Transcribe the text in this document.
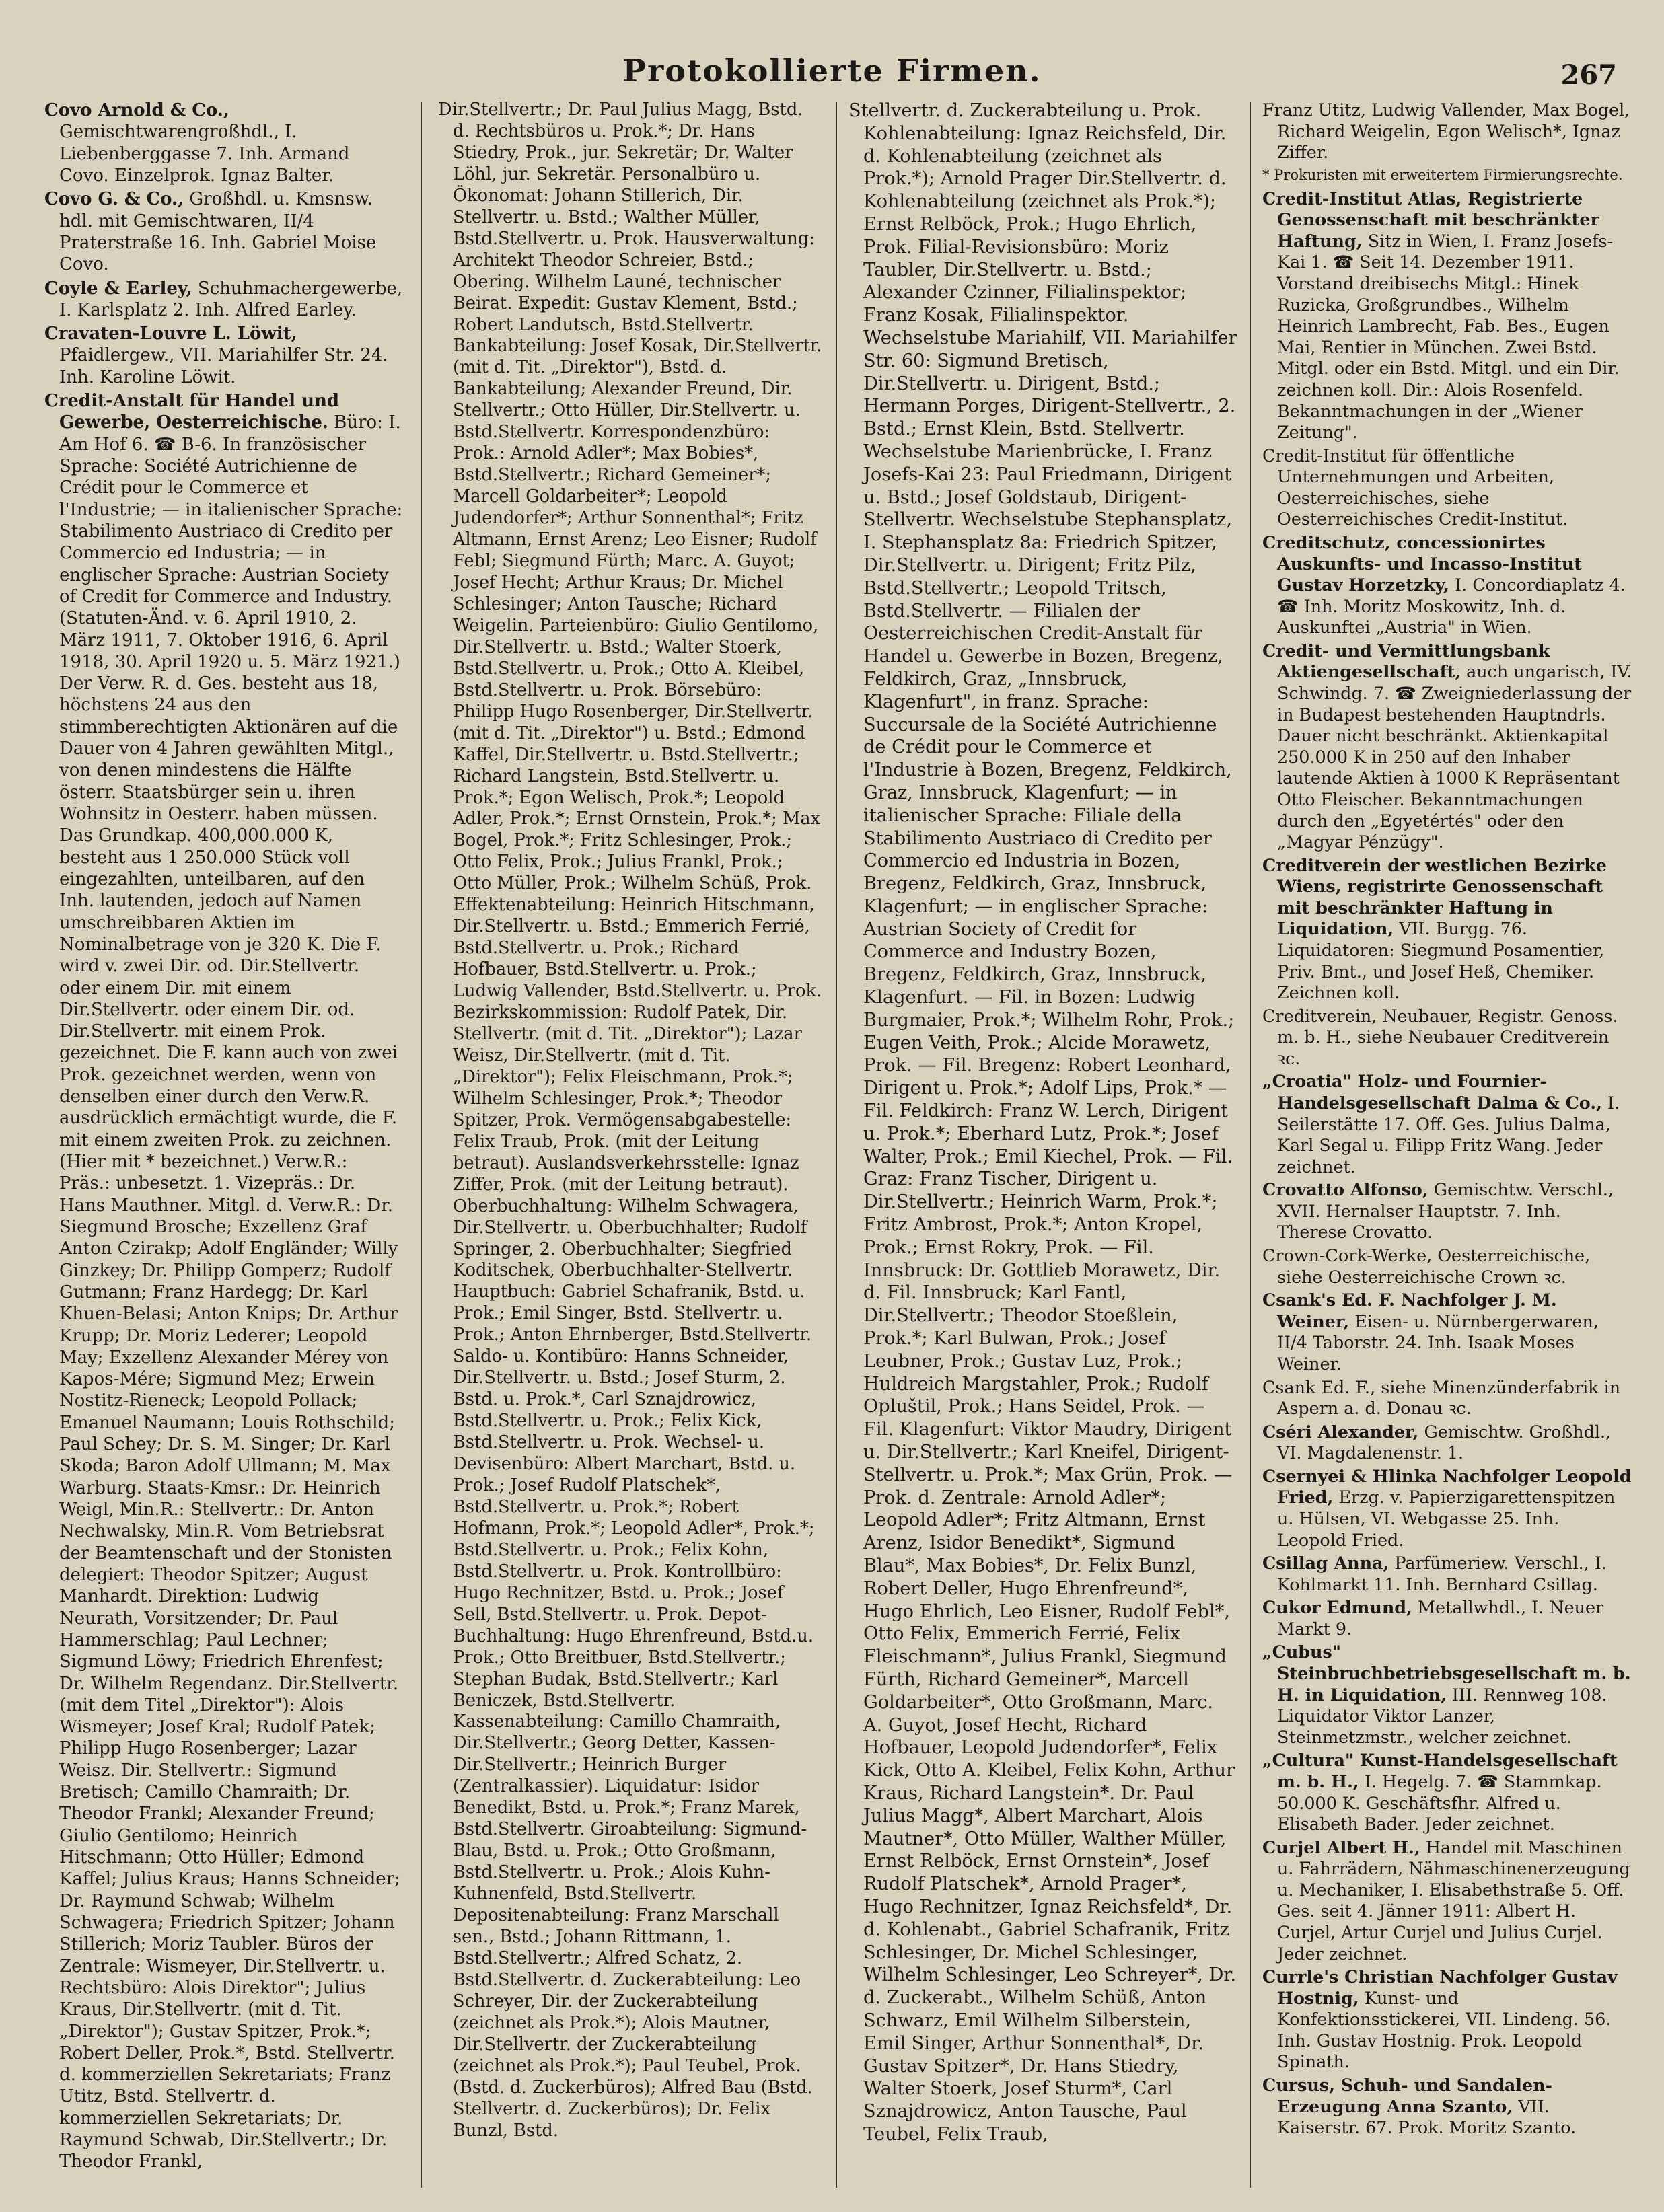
Protokollierte Firmen.	267

Covo Arnold & Co., Gemischtwarengroßhdl., I. Liebenberggasse 7. Inh. Armand Covo. Einzelprok. Ignaz Balter.

Covo G. & Co., Großhdl. u. Kmsnsw. hdl. mit Gemischtwaren, II/4 Praterstraße 16. Inh. Gabriel Moise Covo.

Coyle & Earley, Schuhmachergewerbe, I. Karlsplatz 2. Inh. Alfred Earley.

Cravaten-Louvre L. Löwit, Pfaidlergew., VII. Mariahilfer Str. 24. Inh. Karoline Löwit.

Credit-Anstalt für Handel und Gewerbe, Oesterreichische. Büro: I. Am Hof 6. ☎ B-6. In französischer Sprache: Société Autrichienne de Crédit pour le Commerce et l'Industrie; — in italienischer Sprache: Stabilimento Austriaco di Credito per Commercio ed Industria; — in englischer Sprache: Austrian Society of Credit for Commerce and Industry. (Statuten-Änd. v. 6. April 1910, 2. März 1911, 7. Oktober 1916, 6. April 1918, 30. April 1920 u. 5. März 1921.) Der Verw. R. d. Ges. besteht aus 18, höchstens 24 aus den stimmberechtigten Aktionären auf die Dauer von 4 Jahren gewählten Mitgl., von denen mindestens die Hälfte österr. Staatsbürger sein u. ihren Wohnsitz in Oesterr. haben müssen. Das Grundkap. 400,000.000 K, besteht aus 1 250.000 Stück voll eingezahlten, unteilbaren, auf den Inh. lautenden, jedoch auf Namen umschreibbaren Aktien im Nominalbetrage von je 320 K. Die F. wird v. zwei Dir. od. Dir.Stellvertr. oder einem Dir. mit einem Dir.Stellvertr. oder einem Dir. od. Dir.Stellvertr. mit einem Prok. gezeichnet. Die F. kann auch von zwei Prok. gezeichnet werden, wenn von denselben einer durch den Verw.R. ausdrücklich ermächtigt wurde, die F. mit einem zweiten Prok. zu zeichnen. (Hier mit * bezeichnet.) Verw.R.: Präs.: unbesetzt. 1. Vizepräs.: Dr. Hans Mauthner. Mitgl. d. Verw.R.: Dr. Siegmund Brosche; Exzellenz Graf Anton Czirakp; Adolf Engländer; Willy Ginzkey; Dr. Philipp Gomperz; Rudolf Gutmann; Franz Hardegg; Dr. Karl Khuen-Belasi; Anton Knips; Dr. Arthur Krupp; Dr. Moriz Lederer; Leopold May; Exzellenz Alexander Mérey von Kapos-Mére; Sigmund Mez; Erwein Nostitz-Rieneck; Leopold Pollack; Emanuel Naumann; Louis Rothschild; Paul Schey; Dr. S. M. Singer; Dr. Karl Skoda; Baron Adolf Ullmann; M. Max Warburg. Staats-Kmsr.: Dr. Heinrich Weigl, Min.R.: Stellvertr.: Dr. Anton Nechwalsky, Min.R. Vom Betriebsrat der Beamtenschaft und der Stonisten delegiert: Theodor Spitzer; August Manhardt. Direktion: Ludwig Neurath, Vorsitzender; Dr. Paul Hammerschlag; Paul Lechner; Sigmund Löwy; Friedrich Ehrenfest; Dr. Wilhelm Regendanz. Dir.Stellvertr. (mit dem Titel „Direktor"): Alois Wismeyer; Josef Kral; Rudolf Patek; Philipp Hugo Rosenberger; Lazar Weisz. Dir. Stellvertr.: Sigmund Bretisch; Camillo Chamraith; Dr. Theodor Frankl; Alexander Freund; Giulio Gentilomo; Heinrich Hitschmann; Otto Hüller; Edmond Kaffel; Julius Kraus; Hanns Schneider; Dr. Raymund Schwab; Wilhelm Schwagera; Friedrich Spitzer; Johann Stillerich; Moriz Taubler. Büros der Zentrale: Wismeyer, Dir.Stellvertr. u. Rechtsbüro: Alois Direktor"; Julius Kraus, Dir.Stellvertr. (mit d. Tit. „Direktor"); Gustav Spitzer, Prok.*; Robert Deller, Prok.*, Bstd. Stellvertr. d. kommerziellen Sekretariats; Franz Utitz, Bstd. Stellvertr. d. kommerziellen Sekretariats; Dr. Raymund Schwab, Dir.Stellvertr.; Dr. Theodor Frankl,

Dir.Stellvertr.; Dr. Paul Julius Magg, Bstd. d. Rechtsbüros u. Prok.*; Dr. Hans Stiedry, Prok., jur. Sekretär; Dr. Walter Löhl, jur. Sekretär. Personalbüro u. Ökonomat: Johann Stillerich, Dir. Stellvertr. u. Bstd.; Walther Müller, Bstd.Stellvertr. u. Prok. Hausverwaltung: Architekt Theodor Schreier, Bstd.; Obering. Wilhelm Launé, technischer Beirat. Expedit: Gustav Klement, Bstd.; Robert Landutsch, Bstd.Stellvertr. Bankabteilung: Josef Kosak, Dir.Stellvertr. (mit d. Tit. „Direktor"), Bstd. d. Bankabteilung; Alexander Freund, Dir. Stellvertr.; Otto Hüller, Dir.Stellvertr. u. Bstd.Stellvertr. Korrespondenzbüro: Prok.: Arnold Adler*; Max Bobies*, Bstd.Stellvertr.; Richard Gemeiner*; Marcell Goldarbeiter*; Leopold Judendorfer*; Arthur Sonnenthal*; Fritz Altmann, Ernst Arenz; Leo Eisner; Rudolf Febl; Siegmund Fürth; Marc. A. Guyot; Josef Hecht; Arthur Kraus; Dr. Michel Schlesinger; Anton Tausche; Richard Weigelin. Parteienbüro: Giulio Gentilomo, Dir.Stellvertr. u. Bstd.; Walter Stoerk, Bstd.Stellvertr. u. Prok.; Otto A. Kleibel, Bstd.Stellvertr. u. Prok. Börsebüro: Philipp Hugo Rosenberger, Dir.Stellvertr. (mit d. Tit. „Direktor") u. Bstd.; Edmond Kaffel, Dir.Stellvertr. u. Bstd.Stellvertr.; Richard Langstein, Bstd.Stellvertr. u. Prok.*; Egon Welisch, Prok.*; Leopold Adler, Prok.*; Ernst Ornstein, Prok.*; Max Bogel, Prok.*; Fritz Schlesinger, Prok.; Otto Felix, Prok.; Julius Frankl, Prok.; Otto Müller, Prok.; Wilhelm Schüß, Prok. Effektenabteilung: Heinrich Hitschmann, Dir.Stellvertr. u. Bstd.; Emmerich Ferrié, Bstd.Stellvertr. u. Prok.; Richard Hofbauer, Bstd.Stellvertr. u. Prok.; Ludwig Vallender, Bstd.Stellvertr. u. Prok. Bezirkskommission: Rudolf Patek, Dir. Stellvertr. (mit d. Tit. „Direktor"); Lazar Weisz, Dir.Stellvertr. (mit d. Tit. „Direktor"); Felix Fleischmann, Prok.*; Wilhelm Schlesinger, Prok.*; Theodor Spitzer, Prok. Vermögensabgabestelle: Felix Traub, Prok. (mit der Leitung betraut). Auslandsverkehrsstelle: Ignaz Ziffer, Prok. (mit der Leitung betraut). Oberbuchhaltung: Wilhelm Schwagera, Dir.Stellvertr. u. Oberbuchhalter; Rudolf Springer, 2. Oberbuchhalter; Siegfried Koditschek, Oberbuchhalter-Stellvertr. Hauptbuch: Gabriel Schafranik, Bstd. u. Prok.; Emil Singer, Bstd. Stellvertr. u. Prok.; Anton Ehrnberger, Bstd.Stellvertr. Saldo- u. Kontibüro: Hanns Schneider, Dir.Stellvertr. u. Bstd.; Josef Sturm, 2. Bstd. u. Prok.*, Carl Sznajdrowicz, Bstd.Stellvertr. u. Prok.; Felix Kick, Bstd.Stellvertr. u. Prok. Wechsel- u. Devisenbüro: Albert Marchart, Bstd. u. Prok.; Josef Rudolf Platschek*, Bstd.Stellvertr. u. Prok.*; Robert Hofmann, Prok.*; Leopold Adler*, Prok.*; Bstd.Stellvertr. u. Prok.; Felix Kohn, Bstd.Stellvertr. u. Prok. Kontrollbüro: Hugo Rechnitzer, Bstd. u. Prok.; Josef Sell, Bstd.Stellvertr. u. Prok. Depot-Buchhaltung: Hugo Ehrenfreund, Bstd.u. Prok.; Otto Breitbuer, Bstd.Stellvertr.; Stephan Budak, Bstd.Stellvertr.; Karl Beniczek, Bstd.Stellvertr. Kassenabteilung: Camillo Chamraith, Dir.Stellvertr.; Georg Detter, Kassen-Dir.Stellvertr.; Heinrich Burger (Zentralkassier). Liquidatur: Isidor Benedikt, Bstd. u. Prok.*; Franz Marek, Bstd.Stellvertr. Giroabteilung: Sigmund-Blau, Bstd. u. Prok.; Otto Großmann, Bstd.Stellvertr. u. Prok.; Alois Kuhn-Kuhnenfeld, Bstd.Stellvertr. Depositenabteilung: Franz Marschall sen., Bstd.; Johann Rittmann, 1. Bstd.Stellvertr.; Alfred Schatz, 2. Bstd.Stellvertr. d. Zuckerabteilung: Leo Schreyer, Dir. der Zuckerabteilung (zeichnet als Prok.*); Alois Mautner, Dir.Stellvertr. der Zuckerabteilung (zeichnet als Prok.*); Paul Teubel, Prok. (Bstd. d. Zuckerbüros); Alfred Bau (Bstd. Stellvertr. d. Zuckerbüros); Dr. Felix Bunzl, Bstd.

Stellvertr. d. Zuckerabteilung u. Prok. Kohlenabteilung: Ignaz Reichsfeld, Dir. d. Kohlenabteilung (zeichnet als Prok.*); Arnold Prager Dir.Stellvertr. d. Kohlenabteilung (zeichnet als Prok.*); Ernst Relböck, Prok.; Hugo Ehrlich, Prok. Filial-Revisionsbüro: Moriz Taubler, Dir.Stellvertr. u. Bstd.; Alexander Czinner, Filialinspektor; Franz Kosak, Filialinspektor. Wechselstube Mariahilf, VII. Mariahilfer Str. 60: Sigmund Bretisch, Dir.Stellvertr. u. Dirigent, Bstd.; Hermann Porges, Dirigent-Stellvertr., 2. Bstd.; Ernst Klein, Bstd. Stellvertr. Wechselstube Marienbrücke, I. Franz Josefs-Kai 23: Paul Friedmann, Dirigent u. Bstd.; Josef Goldstaub, Dirigent-Stellvertr. Wechselstube Stephansplatz, I. Stephansplatz 8a: Friedrich Spitzer, Dir.Stellvertr. u. Dirigent; Fritz Pilz, Bstd.Stellvertr.; Leopold Tritsch, Bstd.Stellvertr. — Filialen der Oesterreichischen Credit-Anstalt für Handel u. Gewerbe in Bozen, Bregenz, Feldkirch, Graz, „Innsbruck, Klagenfurt", in franz. Sprache: Succursale de la Société Autrichienne de Crédit pour le Commerce et l'Industrie à Bozen, Bregenz, Feldkirch, Graz, Innsbruck, Klagenfurt; — in italienischer Sprache: Filiale della Stabilimento Austriaco di Credito per Commercio ed Industria in Bozen, Bregenz, Feldkirch, Graz, Innsbruck, Klagenfurt; — in englischer Sprache: Austrian Society of Credit for Commerce and Industry Bozen, Bregenz, Feldkirch, Graz, Innsbruck, Klagenfurt. — Fil. in Bozen: Ludwig Burgmaier, Prok.*; Wilhelm Rohr, Prok.; Eugen Veith, Prok.; Alcide Morawetz, Prok. — Fil. Bregenz: Robert Leonhard, Dirigent u. Prok.*; Adolf Lips, Prok.* — Fil. Feldkirch: Franz W. Lerch, Dirigent u. Prok.*; Eberhard Lutz, Prok.*; Josef Walter, Prok.; Emil Kiechel, Prok. — Fil. Graz: Franz Tischer, Dirigent u. Dir.Stellvertr.; Heinrich Warm, Prok.*; Fritz Ambrost, Prok.*; Anton Kropel, Prok.; Ernst Rokry, Prok. — Fil. Innsbruck: Dr. Gottlieb Morawetz, Dir. d. Fil. Innsbruck; Karl Fantl, Dir.Stellvertr.; Theodor Stoeßlein, Prok.*; Karl Bulwan, Prok.; Josef Leubner, Prok.; Gustav Luz, Prok.; Huldreich Margstahler, Prok.; Rudolf Opluštil, Prok.; Hans Seidel, Prok. — Fil. Klagenfurt: Viktor Maudry, Dirigent u. Dir.Stellvertr.; Karl Kneifel, Dirigent-Stellvertr. u. Prok.*; Max Grün, Prok. — Prok. d. Zentrale: Arnold Adler*; Leopold Adler*; Fritz Altmann, Ernst Arenz, Isidor Benedikt*, Sigmund Blau*, Max Bobies*, Dr. Felix Bunzl, Robert Deller, Hugo Ehrenfreund*, Hugo Ehrlich, Leo Eisner, Rudolf Febl*, Otto Felix, Emmerich Ferrié, Felix Fleischmann*, Julius Frankl, Siegmund Fürth, Richard Gemeiner*, Marcell Goldarbeiter*, Otto Großmann, Marc. A. Guyot, Josef Hecht, Richard Hofbauer, Leopold Judendorfer*, Felix Kick, Otto A. Kleibel, Felix Kohn, Arthur Kraus, Richard Langstein*. Dr. Paul Julius Magg*, Albert Marchart, Alois Mautner*, Otto Müller, Walther Müller, Ernst Relböck, Ernst Ornstein*, Josef Rudolf Platschek*, Arnold Prager*, Hugo Rechnitzer, Ignaz Reichsfeld*, Dr. d. Kohlenabt., Gabriel Schafranik, Fritz Schlesinger, Dr. Michel Schlesinger, Wilhelm Schlesinger, Leo Schreyer*, Dr. d. Zuckerabt., Wilhelm Schüß, Anton Schwarz, Emil Wilhelm Silberstein, Emil Singer, Arthur Sonnenthal*, Dr. Gustav Spitzer*, Dr. Hans Stiedry, Walter Stoerk, Josef Sturm*, Carl Sznajdrowicz, Anton Tausche, Paul Teubel, Felix Traub,

Franz Utitz, Ludwig Vallender, Max Bogel, Richard Weigelin, Egon Welisch*, Ignaz Ziffer.

* Prokuristen mit erweitertem Firmierungsrechte.

Credit-Institut Atlas, Registrierte Genossenschaft mit beschränkter Haftung, Sitz in Wien, I. Franz Josefs-Kai 1. ☎ Seit 14. Dezember 1911. Vorstand dreibisechs Mitgl.: Hinek Ruzicka, Großgrundbes., Wilhelm Heinrich Lambrecht, Fab. Bes., Eugen Mai, Rentier in München. Zwei Bstd. Mitgl. oder ein Bstd. Mitgl. und ein Dir. zeichnen koll. Dir.: Alois Rosenfeld. Bekanntmachungen in der „Wiener Zeitung".

Credit-Institut für öffentliche Unternehmungen und Arbeiten, Oesterreichisches, siehe Oesterreichisches Credit-Institut.

Creditschutz, concessionirtes Auskunfts- und Incasso-Institut Gustav Horzetzky, I. Concordiaplatz 4. ☎ Inh. Moritz Moskowitz, Inh. d. Auskunftei „Austria" in Wien.

Credit- und Vermittlungsbank Aktiengesellschaft, auch ungarisch, IV. Schwindg. 7. ☎ Zweigniederlassung der in Budapest bestehenden Hauptndrls. Dauer nicht beschränkt. Aktienkapital 250.000 K in 250 auf den Inhaber lautende Aktien à 1000 K Repräsentant Otto Fleischer. Bekanntmachungen durch den „Egyetértés" oder den „Magyar Pénzügy".

Creditverein der westlichen Bezirke Wiens, registrirte Genossenschaft mit beschränkter Haftung in Liquidation, VII. Burgg. 76. Liquidatoren: Siegmund Posamentier, Priv. Bmt., und Josef Heß, Chemiker. Zeichnen koll.

Creditverein, Neubauer, Registr. Genoss. m. b. H., siehe Neubauer Creditverein ꝛc.

„Croatia" Holz- und Fournier-Handelsgesellschaft Dalma & Co., I. Seilerstätte 17. Off. Ges. Julius Dalma, Karl Segal u. Filipp Fritz Wang. Jeder zeichnet.

Crovatto Alfonso, Gemischtw. Verschl., XVII. Hernalser Hauptstr. 7. Inh. Therese Crovatto.

Crown-Cork-Werke, Oesterreichische, siehe Oesterreichische Crown ꝛc.

Csank's Ed. F. Nachfolger J. M. Weiner, Eisen- u. Nürnbergerwaren, II/4 Taborstr. 24. Inh. Isaak Moses Weiner.

Csank Ed. F., siehe Minenzünderfabrik in Aspern a. d. Donau ꝛc.

Cséri Alexander, Gemischtw. Großhdl., VI. Magdalenenstr. 1.

Csernyei & Hlinka Nachfolger Leopold Fried, Erzg. v. Papierzigarettenspitzen u. Hülsen, VI. Webgasse 25. Inh. Leopold Fried.

Csillag Anna, Parfümeriew. Verschl., I. Kohlmarkt 11. Inh. Bernhard Csillag.

Cukor Edmund, Metallwhdl., I. Neuer Markt 9.

„Cubus" Steinbruchbetriebsgesellschaft m. b. H. in Liquidation, III. Rennweg 108. Liquidator Viktor Lanzer, Steinmetzmstr., welcher zeichnet.

„Cultura" Kunst-Handelsgesellschaft m. b. H., I. Hegelg. 7. ☎ Stammkap. 50.000 K. Geschäftsfhr. Alfred u. Elisabeth Bader. Jeder zeichnet.

Curjel Albert H., Handel mit Maschinen u. Fahrrädern, Nähmaschinenerzeugung u. Mechaniker, I. Elisabethstraße 5. Off. Ges. seit 4. Jänner 1911: Albert H. Curjel, Artur Curjel und Julius Curjel. Jeder zeichnet.

Currle's Christian Nachfolger Gustav Hostnig, Kunst- und Konfektionsstickerei, VII. Lindeng. 56. Inh. Gustav Hostnig. Prok. Leopold Spinath.

Cursus, Schuh- und Sandalen-Erzeugung Anna Szanto, VII. Kaiserstr. 67. Prok. Moritz Szanto.
